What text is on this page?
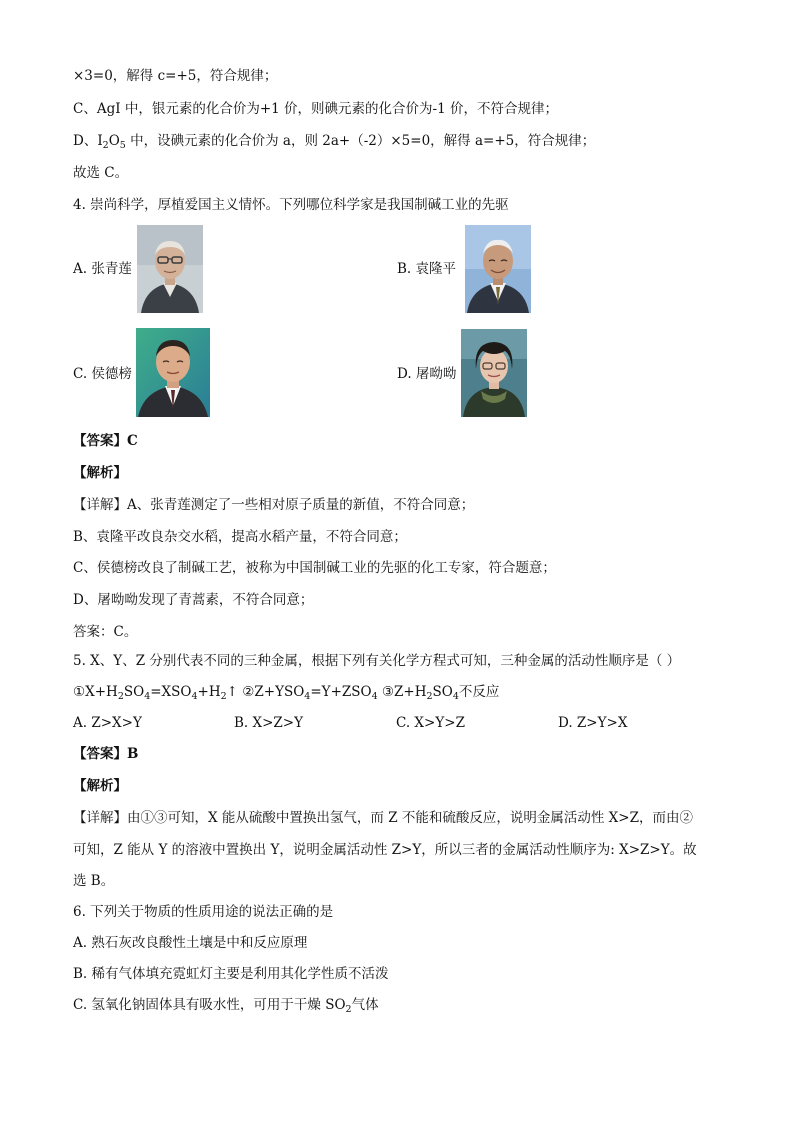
×3=0，解得 c=+5，符合规律；
C、AgI 中，银元素的化合价为+1 价，则碘元素的化合价为-1 价，不符合规律；
D、$I_2O_5$ 中，设碘元素的化合价为 a，则 2a+（-2）×5=0，解得 a=+5，符合规律；
故选 C。
4. 崇尚科学，厚植爱国主义情怀。下列哪位科学家是我国制碱工业的先驱
A. 张青莲	B. 袁隆平
C. 侯德榜	D. 屠呦呦
【答案】C
【解析】
【详解】A、张青莲测定了一些相对原子质量的新值，不符合同意；
B、袁隆平改良杂交水稻，提高水稻产量，不符合同意；
C、侯德榜改良了制碱工艺，被称为中国制碱工业的先驱的化工专家，符合题意；
D、屠呦呦发现了青蒿素，不符合同意；
答案：C。
5. X、Y、Z 分别代表不同的三种金属，根据下列有关化学方程式可知，三种金属的活动性顺序是（ ）
$①X+H_2SO_4=XSO_4+H_2↑$ $②Z+YSO_4=Y+ZSO_4$ $③Z+H_2SO_4$不反应
A. Z>X>Y	B. X>Z>Y	C. X>Y>Z	D. Z>Y>X
【答案】B
【解析】
【详解】由①③可知，X 能从硫酸中置换出氢气，而 Z 不能和硫酸反应，说明金属活动性 X>Z，而由②
可知，Z 能从 Y 的溶液中置换出 Y，说明金属活动性 Z>Y，所以三者的金属活动性顺序为: X>Z>Y。故
选 B。
6. 下列关于物质的性质用途的说法正确的是
A. 熟石灰改良酸性土壤是中和反应原理
B. 稀有气体填充霓虹灯主要是利用其化学性质不活泼
C. 氢氧化钠固体具有吸水性，可用于干燥 $SO_2$气体
